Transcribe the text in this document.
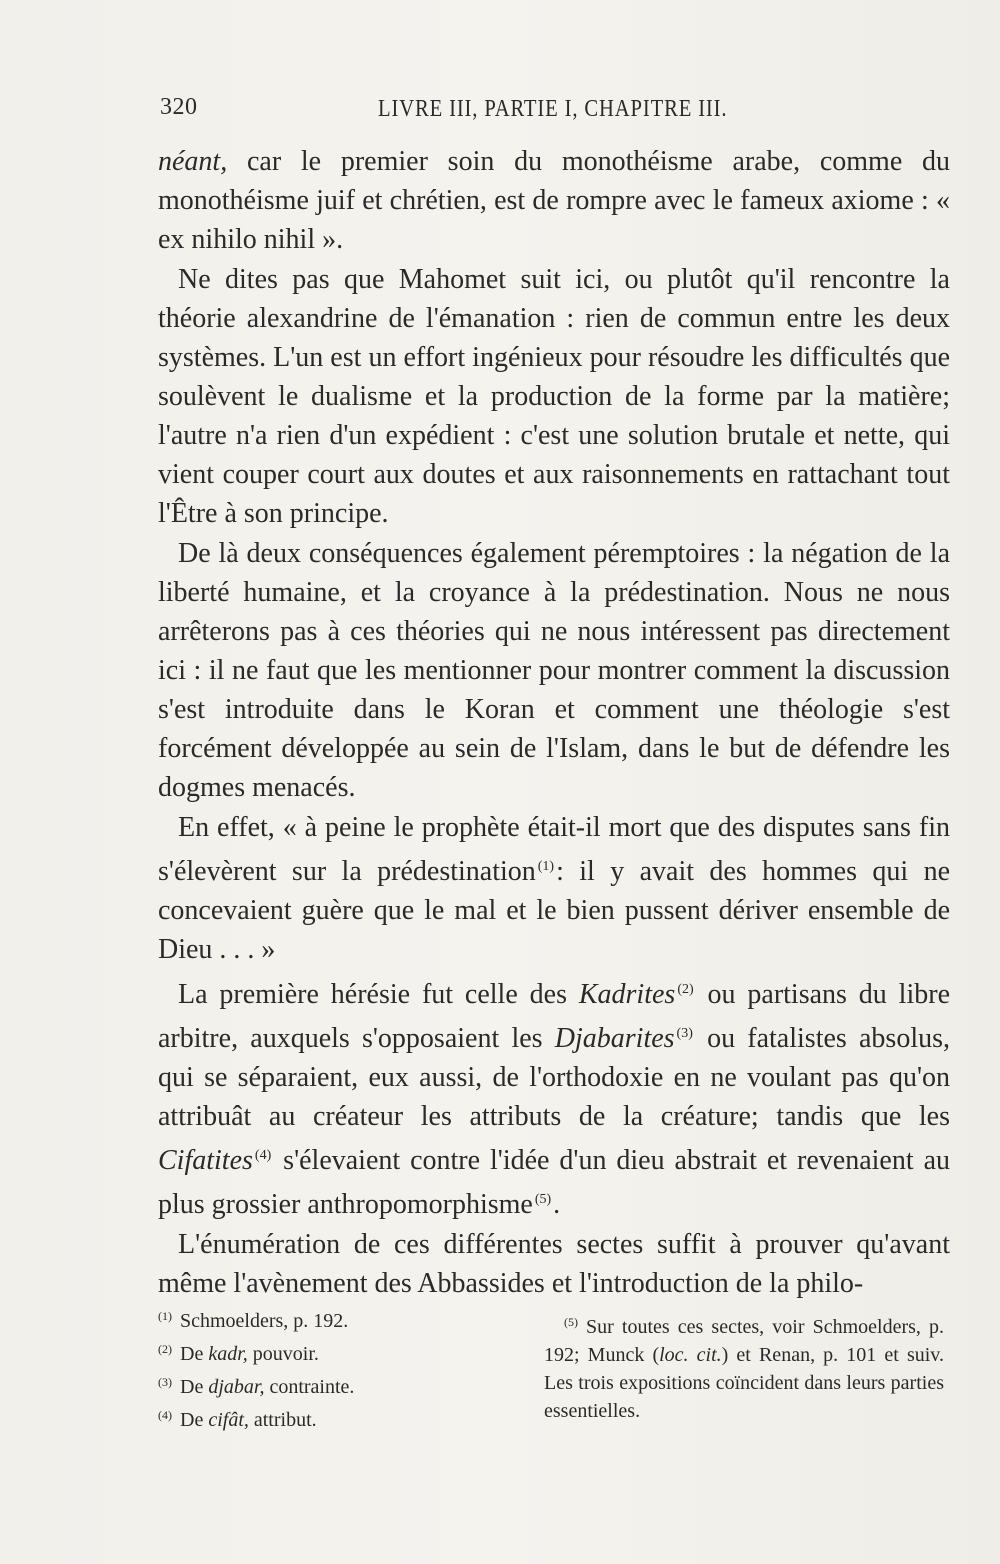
320	LIVRE III, PARTIE I, CHAPITRE III.

néant, car le premier soin du monothéisme arabe, comme du monothéisme juif et chrétien, est de rompre avec le fameux axiome : « ex nihilo nihil ».

Ne dites pas que Mahomet suit ici, ou plutôt qu'il rencontre la théorie alexandrine de l'émanation : rien de commun entre les deux systèmes. L'un est un effort ingénieux pour résoudre les difficultés que soulèvent le dualisme et la production de la forme par la matière; l'autre n'a rien d'un expédient : c'est une solution brutale et nette, qui vient couper court aux doutes et aux raisonnements en rattachant tout l'Être à son principe.

De là deux conséquences également péremptoires : la négation de la liberté humaine, et la croyance à la prédestination. Nous ne nous arrêterons pas à ces théories qui ne nous intéressent pas directement ici : il ne faut que les mentionner pour montrer comment la discussion s'est introduite dans le Koran et comment une théologie s'est forcément développée au sein de l'Islam, dans le but de défendre les dogmes menacés.

En effet, « à peine le prophète était-il mort que des disputes sans fin s'élevèrent sur la prédestination $^{(1)}$: il y avait des hommes qui ne concevaient guère que le mal et le bien pussent dériver ensemble de Dieu . . . »

La première hérésie fut celle des Kadrites $^{(2)}$ ou partisans du libre arbitre, auxquels s'opposaient les Djabarites $^{(3)}$ ou fatalistes absolus, qui se séparaient, eux aussi, de l'orthodoxie en ne voulant pas qu'on attribuât au créateur les attributs de la créature; tandis que les Cifatites $^{(4)}$ s'élevaient contre l'idée d'un dieu abstrait et revenaient au plus grossier anthropomorphisme $^{(5)}$.

L'énumération de ces différentes sectes suffit à prouver qu'avant même l'avènement des Abbassides et l'introduction de la philo-

$^{(1)}$ Schmoelders, p. 192.
$^{(2)}$ De kadr, pouvoir.
$^{(3)}$ De djabar, contrainte.
$^{(4)}$ De cifât, attribut.
$^{(5)}$ Sur toutes ces sectes, voir Schmoelders, p. 192; Munck (loc. cit.) et Renan, p. 101 et suiv. Les trois expositions coïncident dans leurs parties essentielles.
